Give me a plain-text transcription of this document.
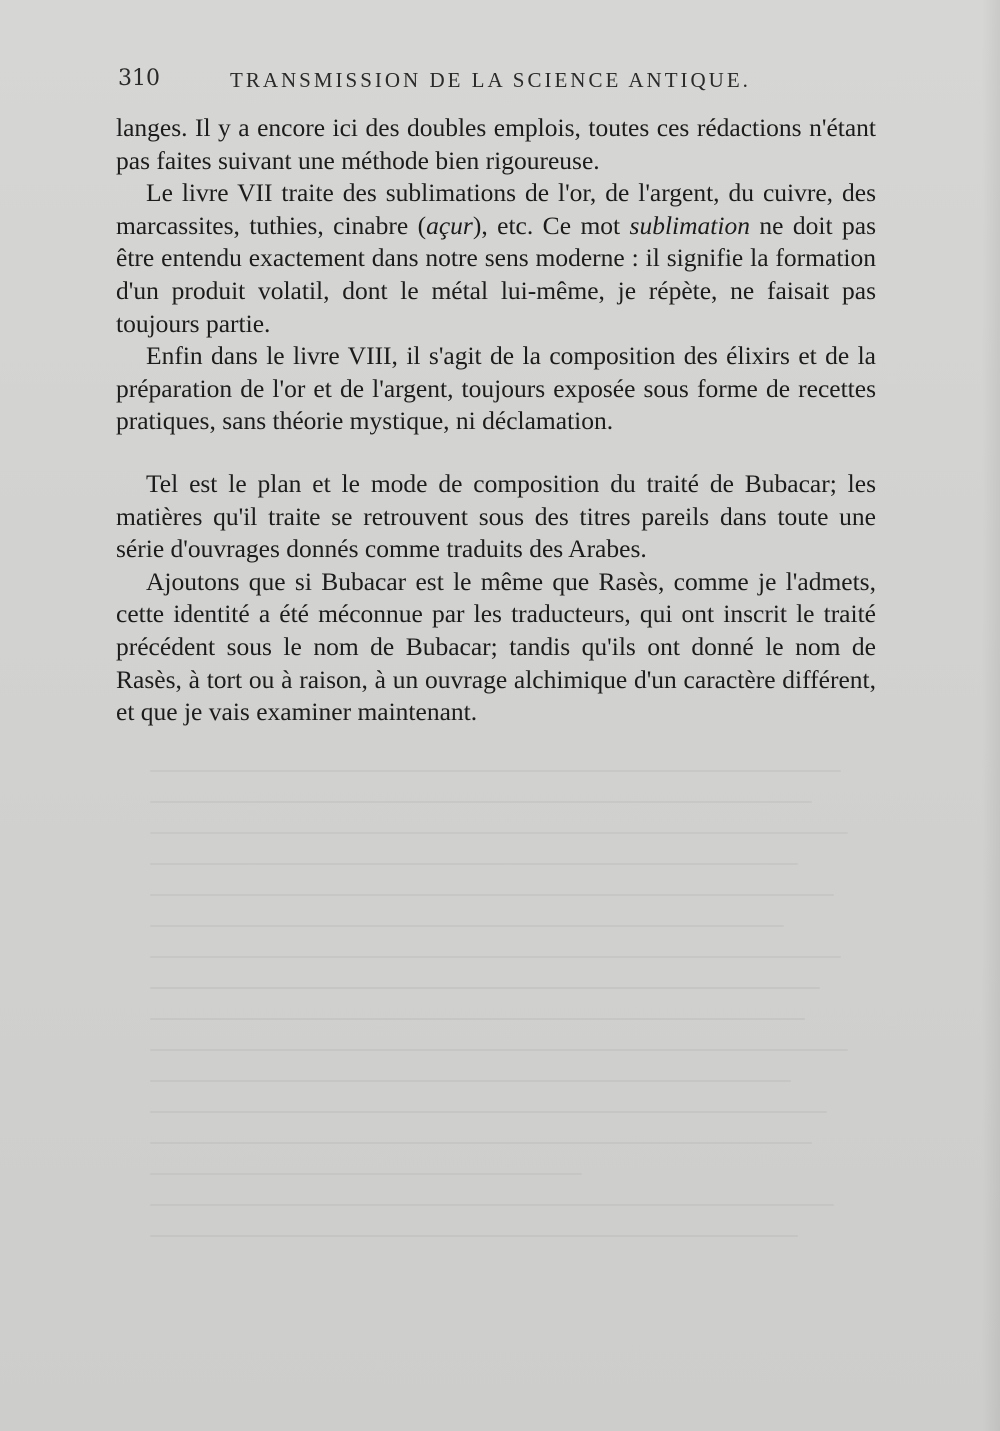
310	TRANSMISSION DE LA SCIENCE ANTIQUE.

langes. Il y a encore ici des doubles emplois, toutes ces rédactions n'étant pas faites suivant une méthode bien rigoureuse.

Le livre VII traite des sublimations de l'or, de l'argent, du cuivre, des marcassites, tuthies, cinabre (açur), etc. Ce mot sublimation ne doit pas être entendu exactement dans notre sens moderne : il signifie la formation d'un produit volatil, dont le métal lui-même, je répète, ne faisait pas toujours partie.

Enfin dans le livre VIII, il s'agit de la composition des élixirs et de la préparation de l'or et de l'argent, toujours exposée sous forme de recettes pratiques, sans théorie mystique, ni déclamation.

Tel est le plan et le mode de composition du traité de Bubacar; les matières qu'il traite se retrouvent sous des titres pareils dans toute une série d'ouvrages donnés comme traduits des Arabes.

Ajoutons que si Bubacar est le même que Rasès, comme je l'admets, cette identité a été méconnue par les traducteurs, qui ont inscrit le traité précédent sous le nom de Bubacar; tandis qu'ils ont donné le nom de Rasès, à tort ou à raison, à un ouvrage alchimique d'un caractère différent, et que je vais examiner maintenant.
